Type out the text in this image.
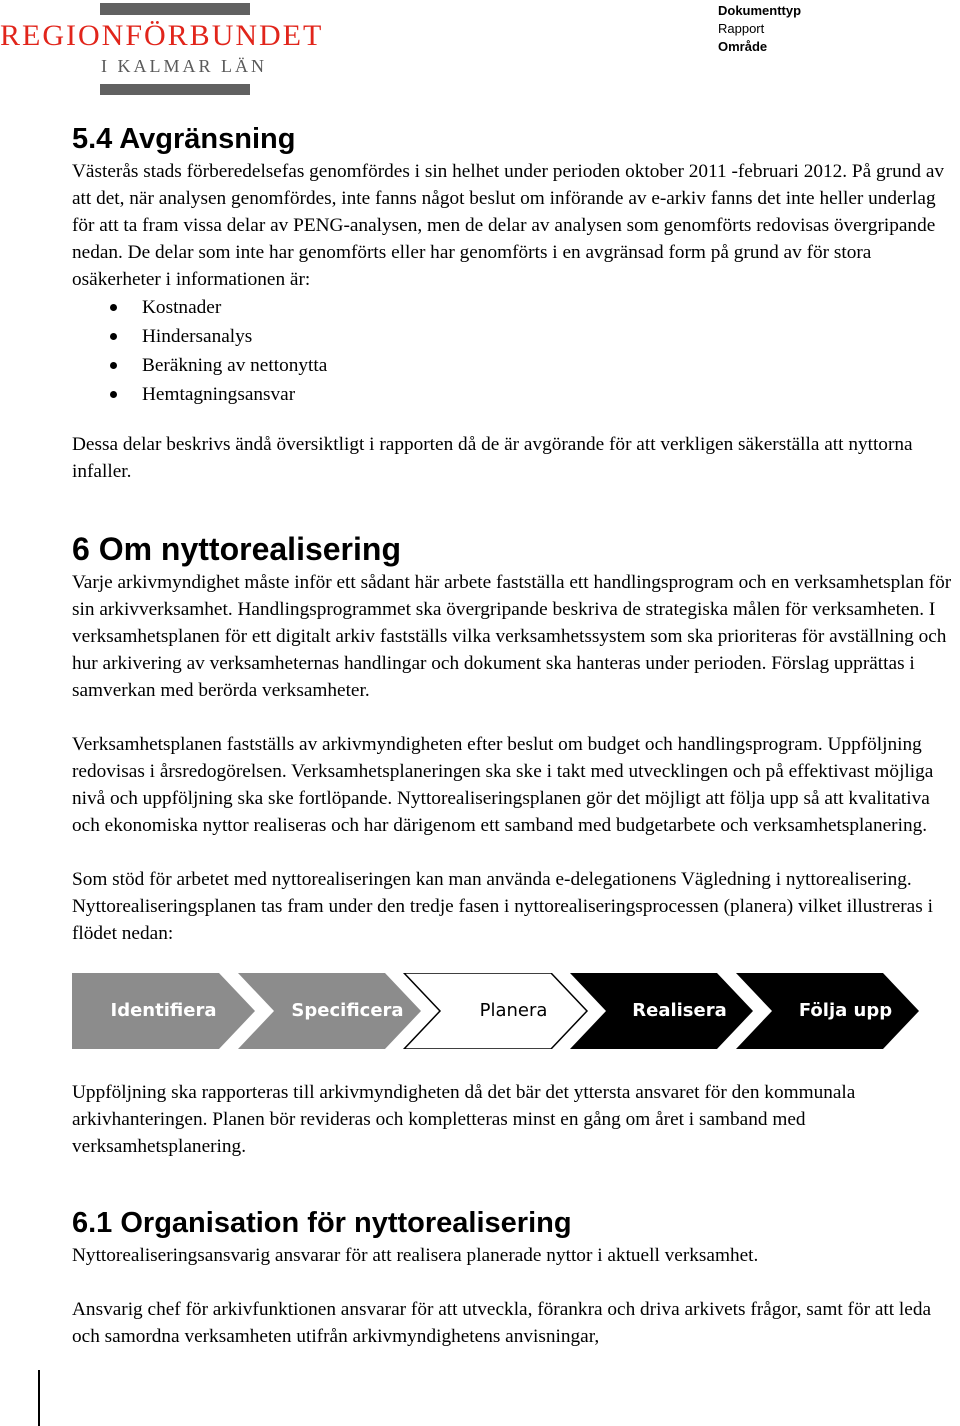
REGIONFÖRBUNDET
I KALMAR LÄN
Dokumenttyp
Rapport
Område
5.4 Avgränsning

Västerås stads förberedelsefas genomfördes i sin helhet under perioden oktober 2011 -februari 2012. På grund av att det, när analysen genomfördes, inte fanns något beslut om införande av e-arkiv fanns det inte heller underlag för att ta fram vissa delar av PENG-analysen, men de delar av analysen som genomförts redovisas övergripande nedan. De delar som inte har genomförts eller har genomförts i en avgränsad form på grund av för stora osäkerheter i informationen är:

Kostnader
Hindersanalys
Beräkning av nettonytta
Hemtagningsansvar

Dessa delar beskrivs ändå översiktligt i rapporten då de är avgörande för att verkligen säkerställa att nyttorna infaller.

6 Om nyttorealisering

Varje arkivmyndighet måste inför ett sådant här arbete fastställa ett handlingsprogram och en verksamhetsplan för sin arkivverksamhet. Handlingsprogrammet ska övergripande beskriva de strategiska målen för verksamheten. I verksamhetsplanen för ett digitalt arkiv fastställs vilka verksamhetssystem som ska prioriteras för avställning och hur arkivering av verksamheternas handlingar och dokument ska hanteras under perioden. Förslag upprättas i samverkan med berörda verksamheter.

Verksamhetsplanen fastställs av arkivmyndigheten efter beslut om budget och handlingsprogram. Uppföljning redovisas i årsredogörelsen. Verksamhetsplaneringen ska ske i takt med utvecklingen och på effektivast möjliga nivå och uppföljning ska ske fortlöpande. Nyttorealiseringsplanen gör det möjligt att följa upp så att kvalitativa och ekonomiska nyttor realiseras och har därigenom ett samband med budgetarbete och verksamhetsplanering.

Som stöd för arbetet med nyttorealiseringen kan man använda e-delegationens Vägledning i nyttorealisering. Nyttorealiseringsplanen tas fram under den tredje fasen i nyttorealiseringsprocessen (planera) vilket illustreras i flödet nedan:

Identifiera	Specificera	Planera	Realisera	Följa upp

Uppföljning ska rapporteras till arkivmyndigheten då det bär det yttersta ansvaret för den kommunala arkivhanteringen. Planen bör revideras och kompletteras minst en gång om året i samband med verksamhetsplanering.

6.1 Organisation för nyttorealisering

Nyttorealiseringsansvarig ansvarar för att realisera planerade nyttor i aktuell verksamhet.

Ansvarig chef för arkivfunktionen ansvarar för att utveckla, förankra och driva arkivets frågor, samt för att leda och samordna verksamheten utifrån arkivmyndighetens anvisningar,
